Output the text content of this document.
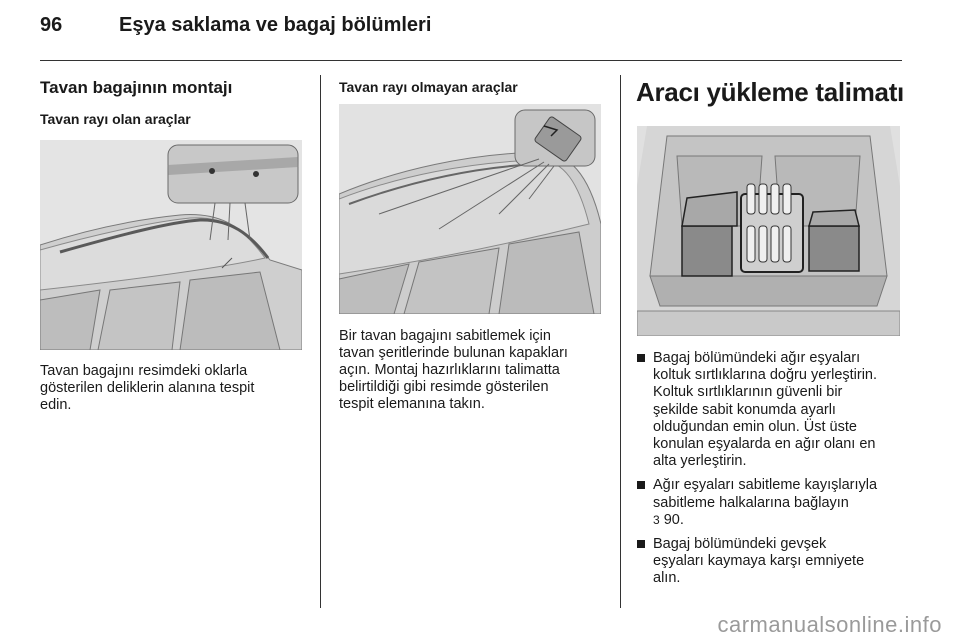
96	Eşya saklama ve bagaj bölümleri
Tavan bagajının montajı
Tavan rayı olan araçlar
Tavan bagajını resimdeki oklarla
gösterilen deliklerin alanına tespit
edin.
Tavan rayı olmayan araçlar
Bir tavan bagajını sabitlemek için
tavan şeritlerinde bulunan kapakları
açın. Montaj hazırlıklarını talimatta
belirtildiği gibi resimde gösterilen
tespit elemanına takın.
Aracı yükleme talimatı
Bagaj bölümündeki ağır eşyaları
koltuk sırtlıklarına doğru yerleştirin.
Koltuk sırtlıklarının güvenli bir
şekilde sabit konumda ayarlı
olduğundan emin olun. Üst üste
konulan eşyalarda en ağır olanı en
alta yerleştirin.
Ağır eşyaları sabitleme kayışlarıyla
sabitleme halkalarına bağlayın
3 90.
Bagaj bölümündeki gevşek
eşyaları kaymaya karşı emniyete
alın.
carmanualsonline.info
